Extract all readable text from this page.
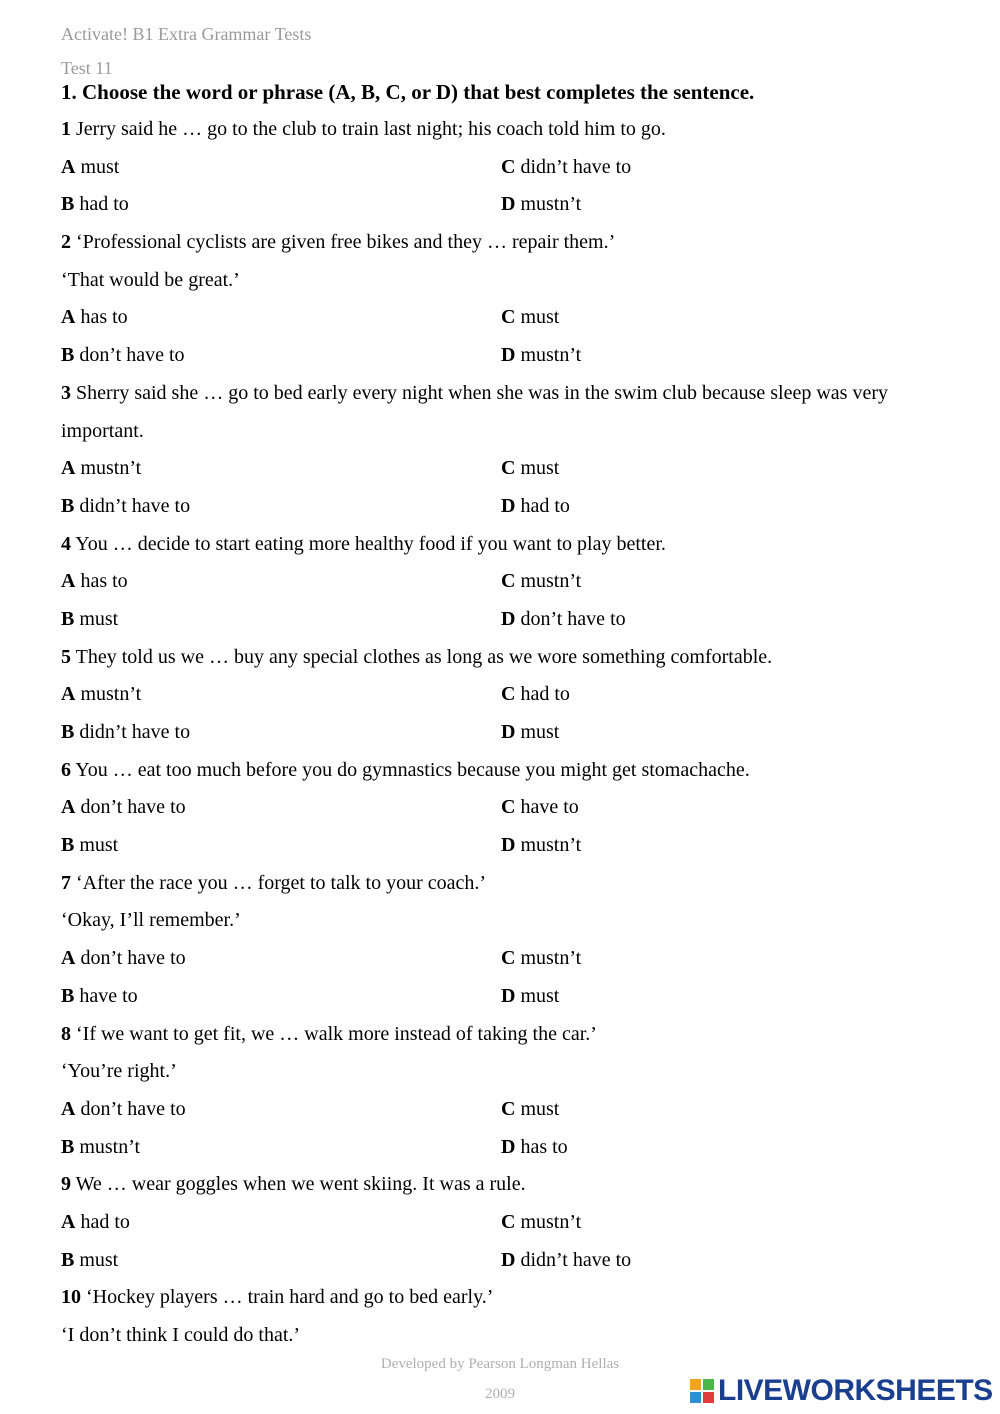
Activate! B1 Extra Grammar Tests
Test 11
1. Choose the word or phrase (A, B, C, or D) that best completes the sentence.
1 Jerry said he … go to the club to train last night; his coach told him to go.
A must	C didn’t have to
B had to	D mustn’t
2 ‘Professional cyclists are given free bikes and they … repair them.’
‘That would be great.’
A has to	C must
B don’t have to	D mustn’t
3 Sherry said she … go to bed early every night when she was in the swim club because sleep was very important.
A mustn’t	C must
B didn’t have to	D had to
4 You … decide to start eating more healthy food if you want to play better.
A has to	C mustn’t
B must	D don’t have to
5 They told us we … buy any special clothes as long as we wore something comfortable.
A mustn’t	C had to
B didn’t have to	D must
6 You … eat too much before you do gymnastics because you might get stomachache.
A don’t have to	C have to
B must	D mustn’t
7 ‘After the race you … forget to talk to your coach.’
‘Okay, I’ll remember.’
A don’t have to	C mustn’t
B have to	D must
8 ‘If we want to get fit, we … walk more instead of taking the car.’
‘You’re right.’
A don’t have to	C must
B mustn’t	D has to
9 We … wear goggles when we went skiing. It was a rule.
A had to	C mustn’t
B must	D didn’t have to
10 ‘Hockey players … train hard and go to bed early.’
‘I don’t think I could do that.’
Developed by Pearson Longman Hellas
2009	LIVEWORKSHEETS
